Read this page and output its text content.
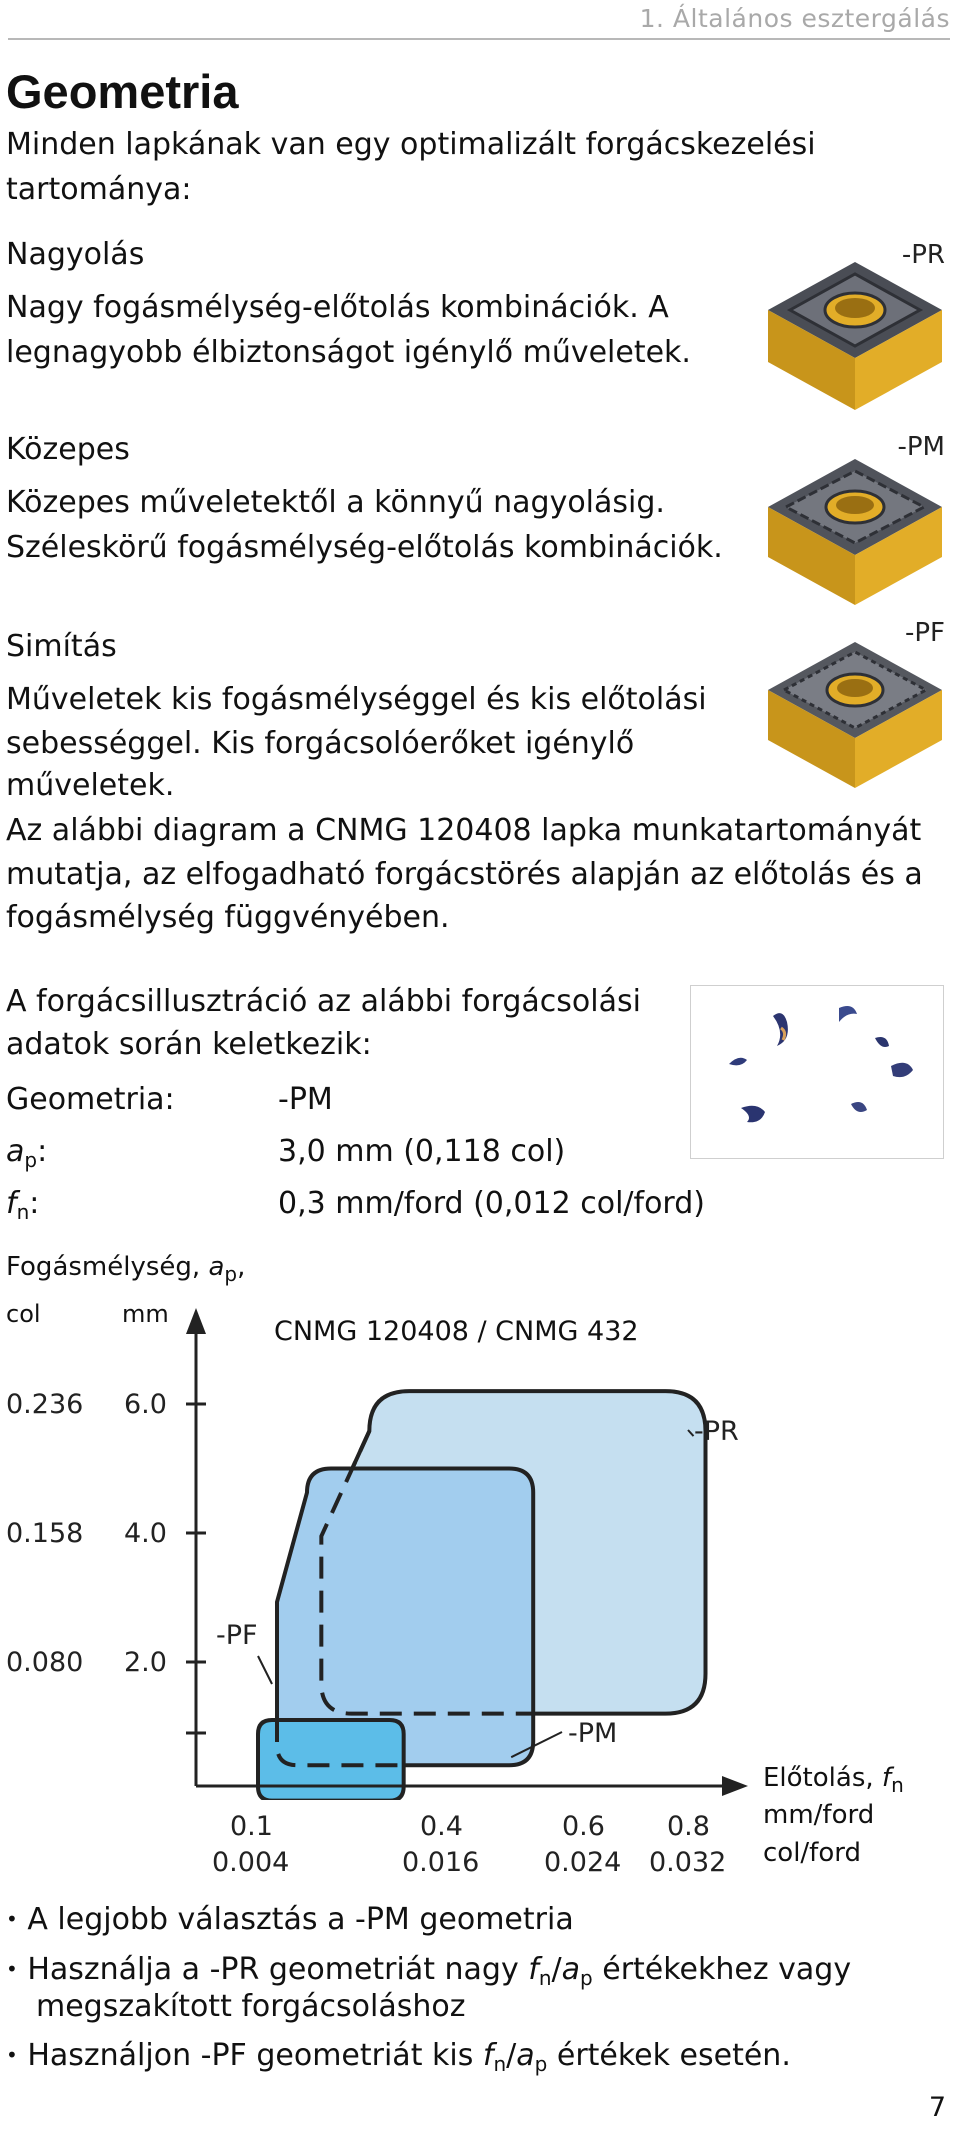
1. Általános esztergálás
Geometria
Minden lapkának van egy optimalizált forgácskezelési
tartománya:
Nagyolás
Nagy fogásmélység-előtolás kombinációk. A
legnagyobb élbiztonságot igénylő műveletek.
-PR
Közepes
Közepes műveletektől a könnyű nagyolásig.
Széleskörű fogásmélység-előtolás kombinációk.
-PM
Simítás
Műveletek kis fogásmélységgel és kis előtolási
sebességgel. Kis forgácsolóerőket igénylő
műveletek.
-PF
Az alábbi diagram a CNMG 120408 lapka munkatartományát
mutatja, az elfogadható forgácstörés alapján az előtolás és a
fogásmélység függvényében.
A forgácsillusztráció az alábbi forgácsolási
adatok során keletkezik:
Geometria:	-PM
$a_p$:	3,0 mm (0,118 col)
$f_n$:	0,3 mm/ford (0,012 col/ford)
Fogásmélység, $a_p$,
col	mm
CNMG 120408 / CNMG 432
-PR
-PM
-PF
0.236 6.0
0.158 4.0
0.080 2.0
0.1
0.004
0.4
0.016
0.6
0.024
0.8
0.032
Előtolás, $f_n$
mm/ford
col/ford
• A legjobb választás a -PM geometria
• Használja a -PR geometriát nagy $f_n/a_p$ értékekhez vagy
megszakított forgácsoláshoz
• Használjon -PF geometriát kis $f_n/a_p$ értékek esetén.
7
